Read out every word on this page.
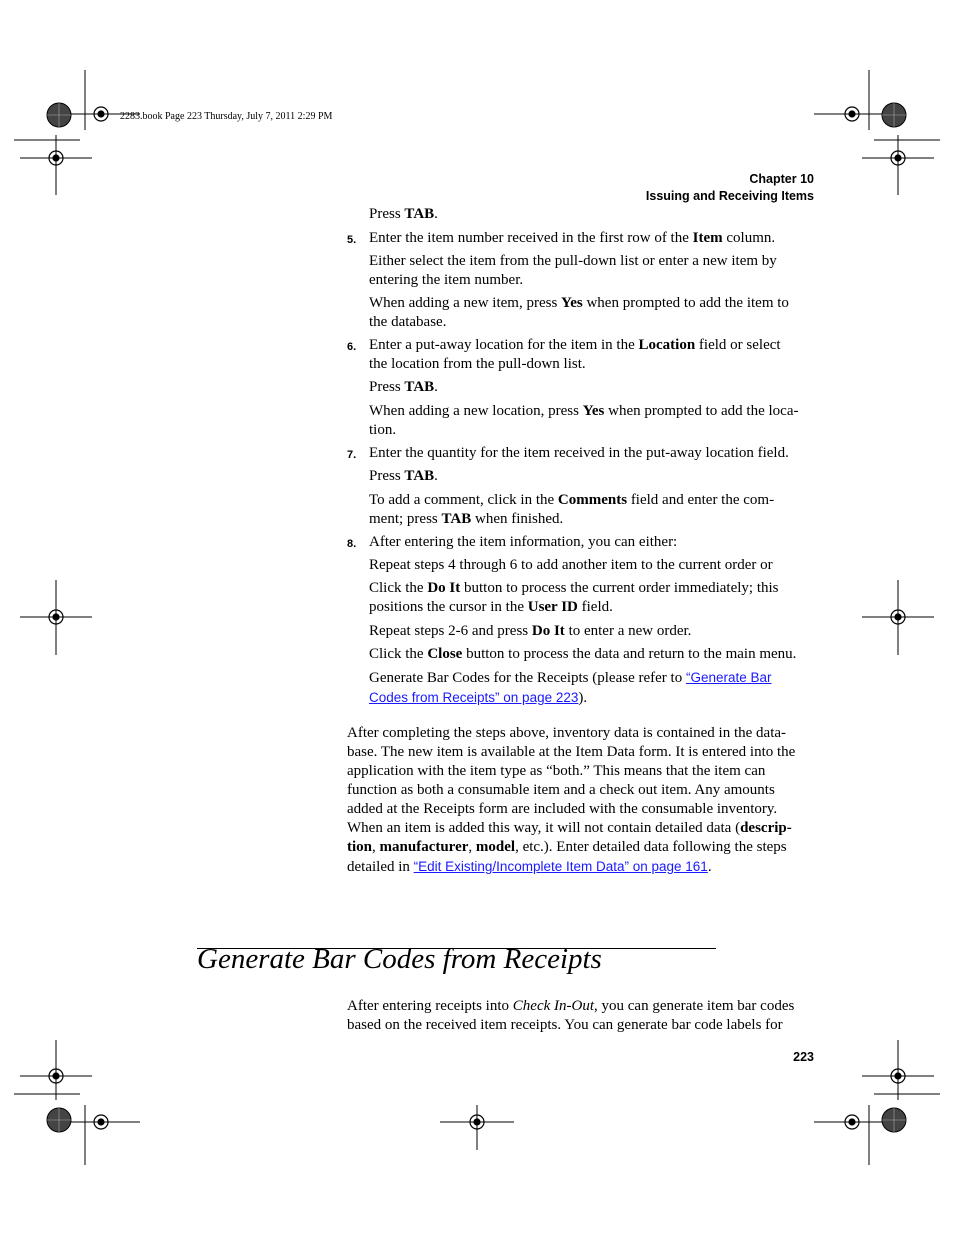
2283.book Page 223 Thursday, July 7, 2011 2:29 PM
Chapter 10
Issuing and Receiving Items
Press TAB.
5. Enter the item number received in the first row of the Item column.
Either select the item from the pull-down list or enter a new item by
entering the item number.
When adding a new item, press Yes when prompted to add the item to
the database.
6. Enter a put-away location for the item in the Location field or select
the location from the pull-down list.
Press TAB.
When adding a new location, press Yes when prompted to add the loca-
tion.
7. Enter the quantity for the item received in the put-away location field.
Press TAB.
To add a comment, click in the Comments field and enter the com-
ment; press TAB when finished.
8. After entering the item information, you can either:
Repeat steps 4 through 6 to add another item to the current order or
Click the Do It button to process the current order immediately; this
positions the cursor in the User ID field.
Repeat steps 2-6 and press Do It to enter a new order.
Click the Close button to process the data and return to the main menu.
Generate Bar Codes for the Receipts (please refer to “Generate Bar
Codes from Receipts” on page 223).
After completing the steps above, inventory data is contained in the data-
base. The new item is available at the Item Data form. It is entered into the
application with the item type as “both.” This means that the item can
function as both a consumable item and a check out item. Any amounts
added at the Receipts form are included with the consumable inventory.
When an item is added this way, it will not contain detailed data (descrip-
tion, manufacturer, model, etc.). Enter detailed data following the steps
detailed in “Edit Existing/Incomplete Item Data” on page 161.
Generate Bar Codes from Receipts
After entering receipts into Check In-Out, you can generate item bar codes
based on the received item receipts. You can generate bar code labels for
223
